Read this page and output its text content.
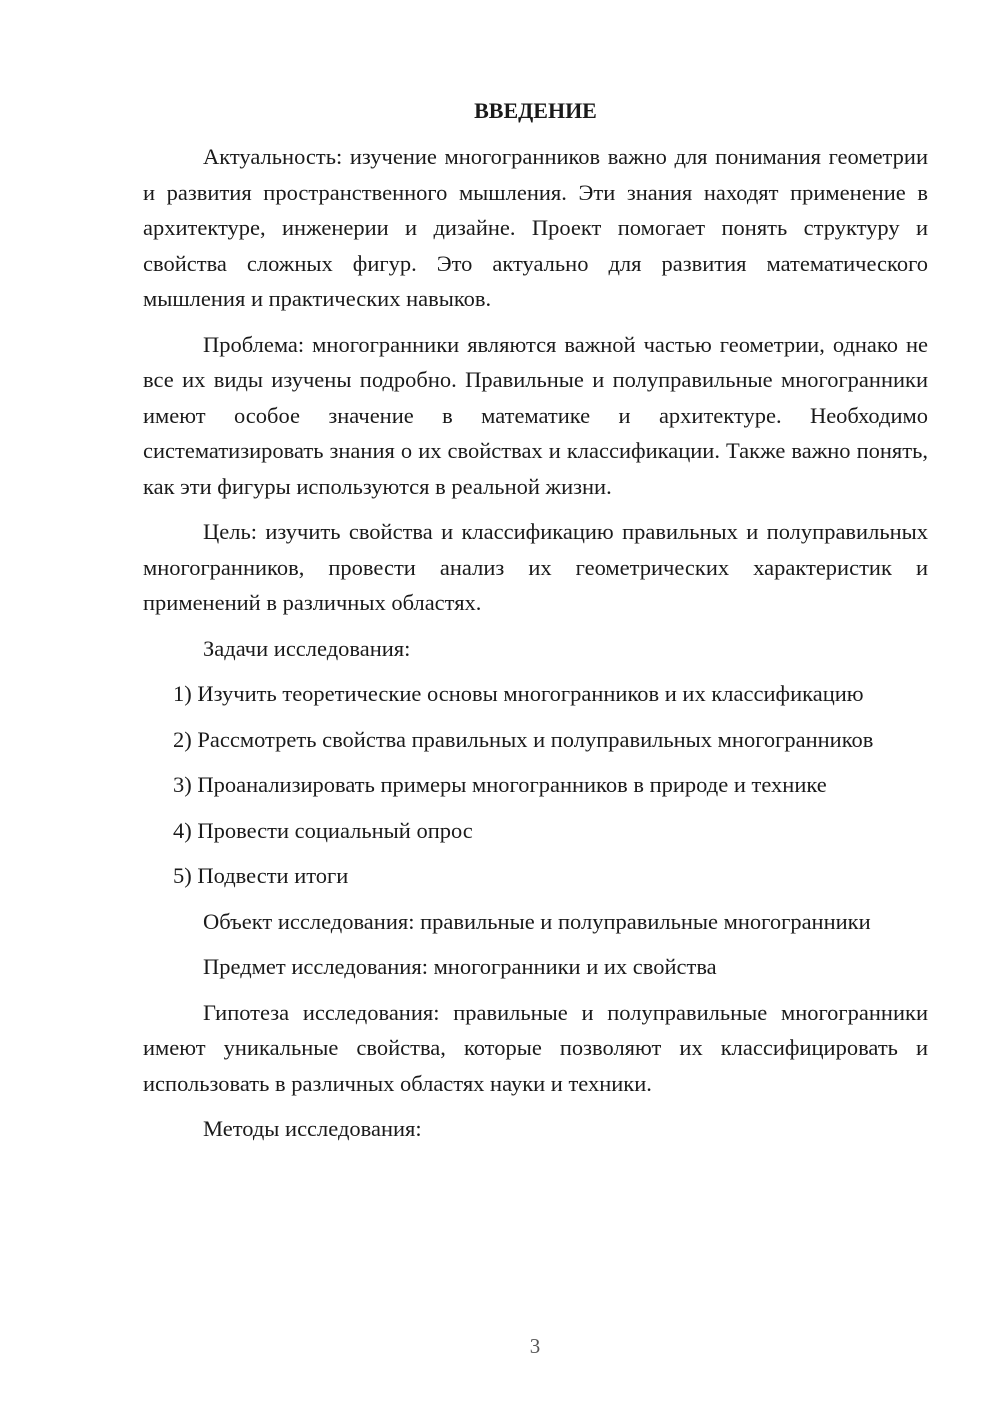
ВВЕДЕНИЕ

Актуальность: изучение многогранников важно для понимания геометрии и развития пространственного мышления. Эти знания находят применение в архитектуре, инженерии и дизайне. Проект помогает понять структуру и свойства сложных фигур. Это актуально для развития математического мышления и практических навыков.

Проблема: многогранники являются важной частью геометрии, однако не все их виды изучены подробно. Правильные и полуправильные многогранники имеют особое значение в математике и архитектуре. Необходимо систематизировать знания о их свойствах и классификации. Также важно понять, как эти фигуры используются в реальной жизни.

Цель: изучить свойства и классификацию правильных и полуправильных многогранников, провести анализ их геометрических характеристик и применений в различных областях.

Задачи исследования:

1) Изучить теоретические основы многогранников и их классификацию

2) Рассмотреть свойства правильных и полуправильных многогранников

3) Проанализировать примеры многогранников в природе и технике

4) Провести социальный опрос

5) Подвести итоги

Объект исследования: правильные и полуправильные многогранники

Предмет исследования: многогранники и их свойства

Гипотеза исследования: правильные и полуправильные многогранники имеют уникальные свойства, которые позволяют их классифицировать и использовать в различных областях науки и техники.

Методы исследования:

3
